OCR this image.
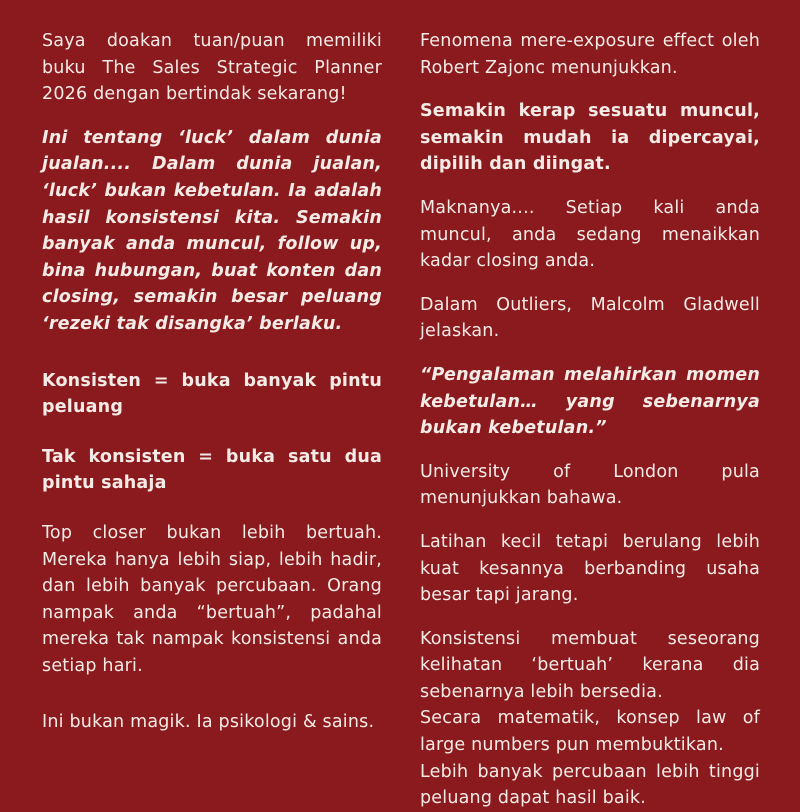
Saya doakan tuan/puan memiliki buku The Sales Strategic Planner 2026 dengan bertindak sekarang!

Ini tentang ‘luck’ dalam dunia jualan.... Dalam dunia jualan, ‘luck’ bukan kebetulan. Ia adalah hasil konsistensi kita. Semakin banyak anda muncul, follow up, bina hubungan, buat konten dan closing, semakin besar peluang ‘rezeki tak disangka’ berlaku.

Konsisten = buka banyak pintu peluang

Tak konsisten = buka satu dua pintu sahaja

Top closer bukan lebih bertuah. Mereka hanya lebih siap, lebih hadir, dan lebih banyak percubaan. Orang nampak anda “bertuah”, padahal mereka tak nampak konsistensi anda setiap hari.

Ini bukan magik. Ia psikologi & sains.

Fenomena mere-exposure effect oleh Robert Zajonc menunjukkan.

Semakin kerap sesuatu muncul, semakin mudah ia dipercayai, dipilih dan diingat.

Maknanya.... Setiap kali anda muncul, anda sedang menaikkan kadar closing anda.

Dalam Outliers, Malcolm Gladwell jelaskan.

“Pengalaman melahirkan momen kebetulan… yang sebenarnya bukan kebetulan.”

University of London pula menunjukkan bahawa.

Latihan kecil tetapi berulang lebih kuat kesannya berbanding usaha besar tapi jarang.

Konsistensi membuat seseorang kelihatan ‘bertuah’ kerana dia sebenarnya lebih bersedia.

Secara matematik, konsep law of large numbers pun membuktikan.

Lebih banyak percubaan lebih tinggi peluang dapat hasil baik.
